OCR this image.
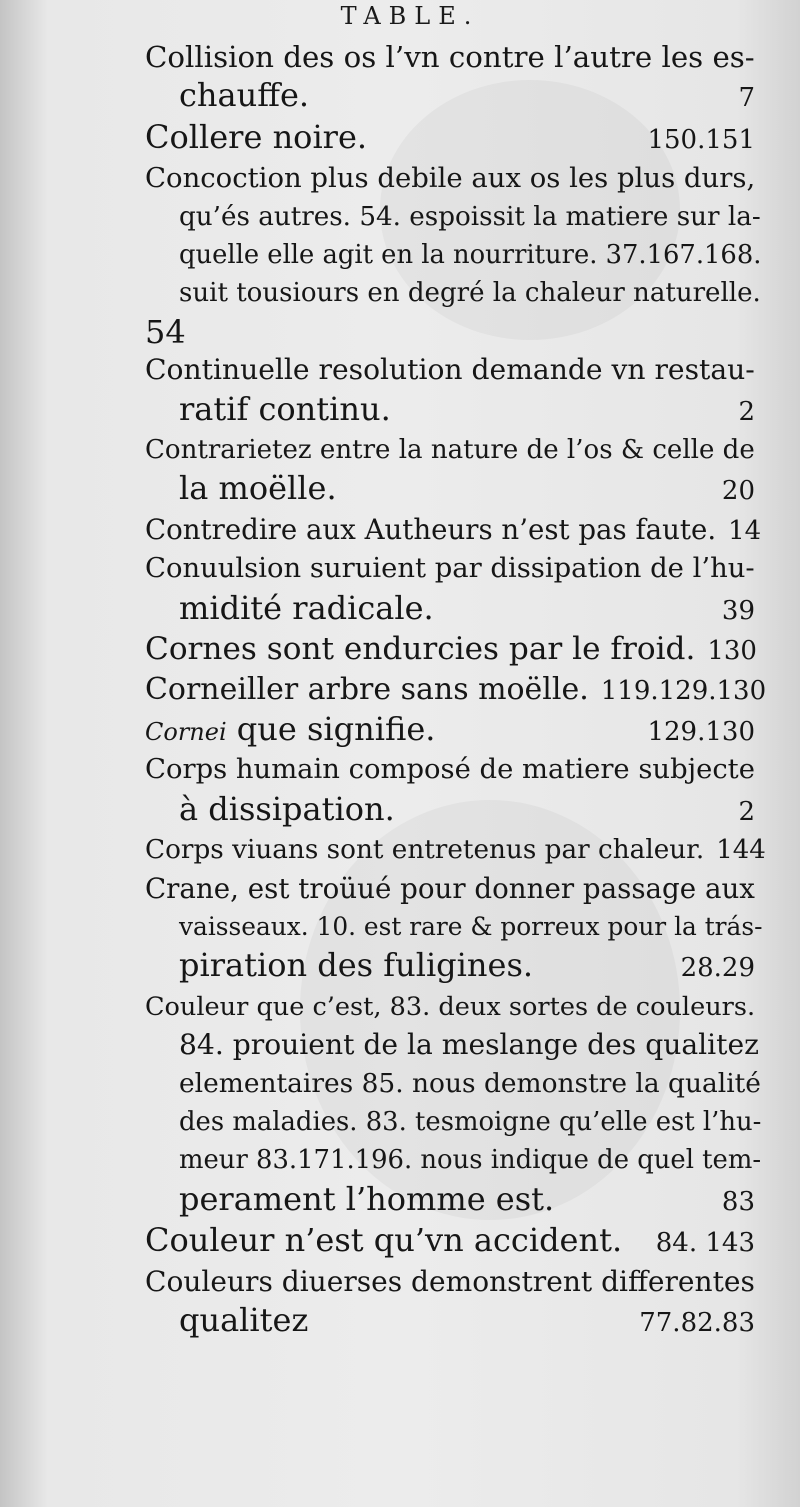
TABLE.
Collision des os l’vn contre l’autre les es-
chauffe.	7
Collere noire.	150.151
Concoction plus debile aux os les plus durs,
qu’és autres. 54. espoissit la matiere sur la-
quelle elle agit en la nourriture. 37.167.168.
suit tousiours en degré la chaleur naturelle.
54
Continuelle resolution demande vn restau-
ratif continu.	2
Contrarietez entre la nature de l’os & celle de
la moëlle.	20
Contredire aux Autheurs n’est pas faute. 14
Conuulsion suruient par dissipation de l’hu-
midité radicale.	39
Cornes sont endurcies par le froid. 130
Corneiller arbre sans moëlle. 119.129.130
Cornei que signifie.	129.130
Corps humain composé de matiere subjecte
à dissipation.	2
Corps viuans sont entretenus par chaleur. 144
Crane, est troüué pour donner passage aux
vaisseaux. 10. est rare & porreux pour la trás-
piration des fuligines.	28.29
Couleur que c’est, 83. deux sortes de couleurs.
84. prouient de la meslange des qualitez
elementaires 85. nous demonstre la qualité
des maladies. 83. tesmoigne qu’elle est l’hu-
meur 83.171.196. nous indique de quel tem-
perament l’homme est.	83
Couleur n’est qu’vn accident. 84. 143
Couleurs diuerses demonstrent differentes
qualitez	77.82.83
